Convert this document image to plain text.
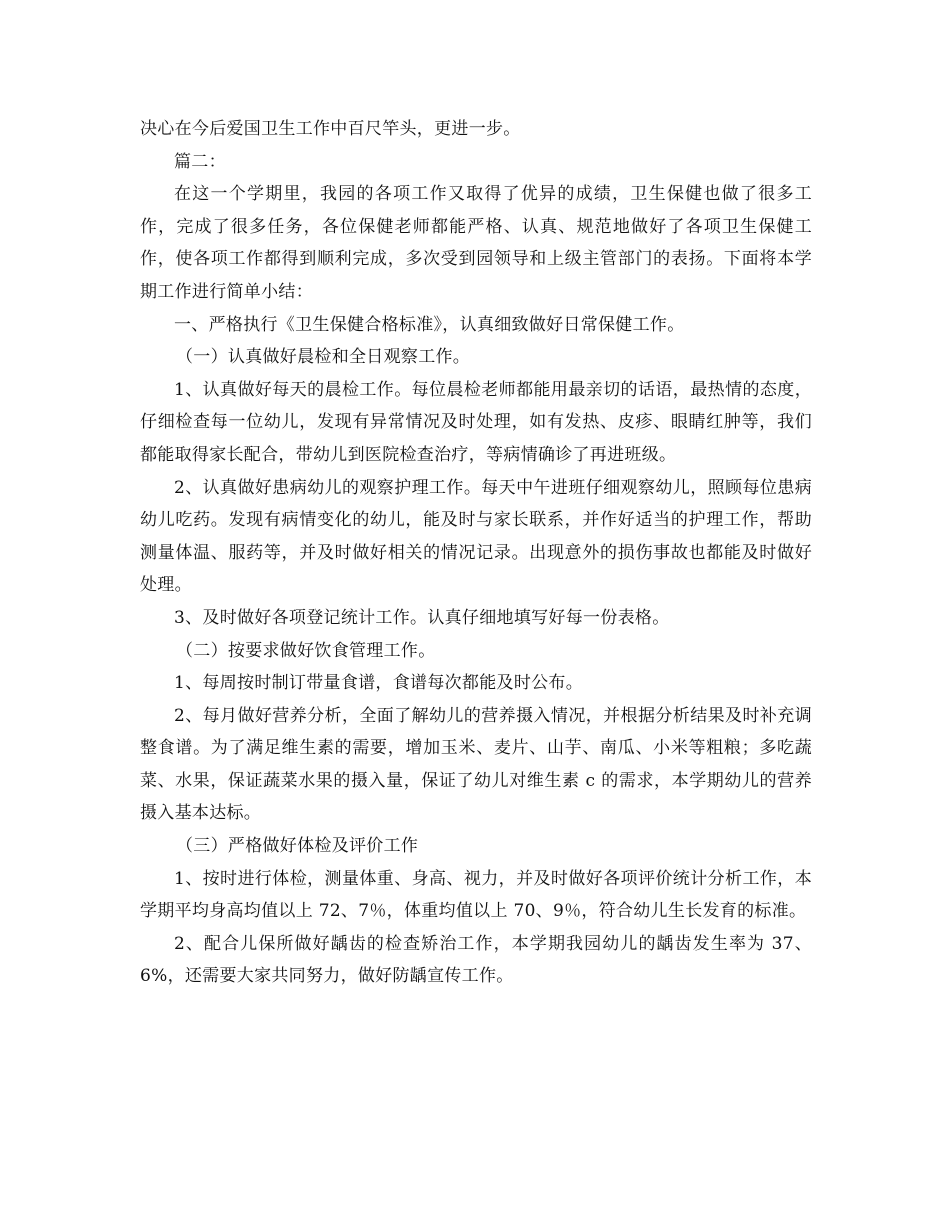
决心在今后爱国卫生工作中百尺竿头，更进一步。

篇二：

在这一个学期里，我园的各项工作又取得了优异的成绩，卫生保健也做了很多工作，完成了很多任务，各位保健老师都能严格、认真、规范地做好了各项卫生保健工作，使各项工作都得到顺利完成，多次受到园领导和上级主管部门的表扬。下面将本学期工作进行简单小结：

一、严格执行《卫生保健合格标准》，认真细致做好日常保健工作。

（一）认真做好晨检和全日观察工作。

1、认真做好每天的晨检工作。每位晨检老师都能用最亲切的话语，最热情的态度，仔细检查每一位幼儿，发现有异常情况及时处理，如有发热、皮疹、眼睛红肿等，我们都能取得家长配合，带幼儿到医院检查治疗，等病情确诊了再进班级。

2、认真做好患病幼儿的观察护理工作。每天中午进班仔细观察幼儿，照顾每位患病幼儿吃药。发现有病情变化的幼儿，能及时与家长联系，并作好适当的护理工作，帮助测量体温、服药等，并及时做好相关的情况记录。出现意外的损伤事故也都能及时做好处理。

3、及时做好各项登记统计工作。认真仔细地填写好每一份表格。

（二）按要求做好饮食管理工作。

1、每周按时制订带量食谱，食谱每次都能及时公布。

2、每月做好营养分析，全面了解幼儿的营养摄入情况，并根据分析结果及时补充调整食谱。为了满足维生素的需要，增加玉米、麦片、山芋、南瓜、小米等粗粮；多吃蔬菜、水果，保证蔬菜水果的摄入量，保证了幼儿对维生素 c 的需求，本学期幼儿的营养摄入基本达标。

（三）严格做好体检及评价工作

1、按时进行体检，测量体重、身高、视力，并及时做好各项评价统计分析工作，本学期平均身高均值以上 72、7％，体重均值以上 70、9％，符合幼儿生长发育的标准。

2、配合儿保所做好龋齿的检查矫治工作，本学期我园幼儿的龋齿发生率为 37、6%，还需要大家共同努力，做好防龋宣传工作。
